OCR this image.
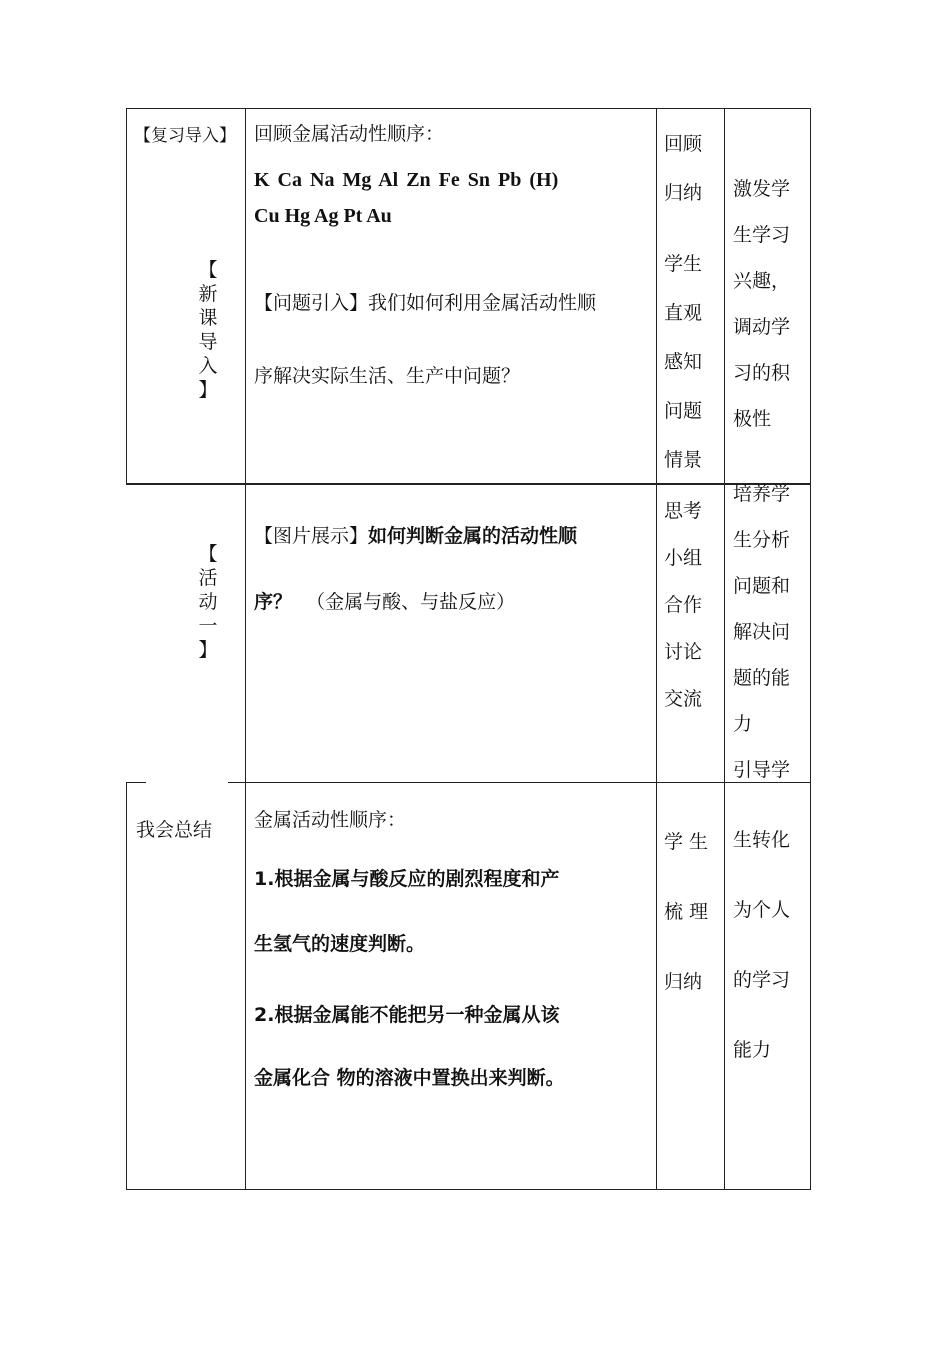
【复习导入】
【
新
课
导
入
】
回顾金属活动性顺序：
K Ca Na Mg Al Zn Fe Sn Pb (H)
Cu Hg Ag Pt Au
【问题引入】我们如何利用金属活动性顺
序解决实际生活、生产中问题？
回顾
归纳
学生
直观
感知
问题
情景
激发学
生学习
兴趣，
调动学
习的积
极性
【
活
动
一
】
【图片展示】如何判断金属的活动性顺
序？ （金属与酸、与盐反应）
思考
小组
合作
讨论
交流
培养学
生分析
问题和
解决问
题的能
力
引导学
我会总结 金属活动性顺序：
1.根据金属与酸反应的剧烈程度和产
生氢气的速度判断。
2.根据金属能不能把另一种金属从该
金属化合 物的溶液中置换出来判断。
学 生
梳 理
归纳
生转化
为个人
的学习
能力
